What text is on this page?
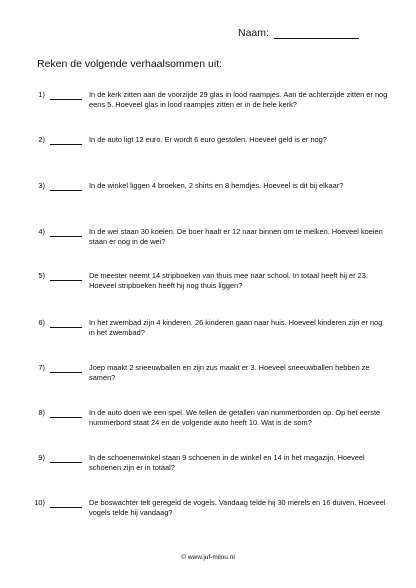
Naam:
Reken de volgende verhaalsommen uit:
1)	In de kerk zitten aan de voorzijde 29 glas in lood raampjes. Aan de achterzijde zitten er nog eens 5. Hoeveel glas in lood raampjes zitten er in de hele kerk?
2)	In de auto ligt 12 euro. Er wordt 6 euro gestolen. Hoeveel geld is er nog?
3)	In de winkel liggen 4 broeken, 2 shirts en 8 hemdjes. Hoeveel is dit bij elkaar?
4)	In de wei staan 30 koeien. De boer haalt er 12 naar binnen om te melken. Hoeveel koeien staan er nog in de wei?
5)	De meester neemt 14 stripboeken van thuis mee naar school. In totaal heeft hij er 23. Hoeveel stripboeken heeft hij nog thuis liggen?
6)	In het zwembad zijn 4 kinderen. 26 kinderen gaan naar huis. Hoeveel kinderen zijn er nog in het zwembad?
7)	Joep maakt 2 sneeuwballen en zijn zus maakt er 3. Hoeveel sneeuwballen hebben ze samen?
8)	In de auto doen we een spel. We tellen de getallen van nummerborden op. Op het eerste nummerbord staat 24 en de volgende auto heeft 10. Wat is de som?
9)	In de schoenenwinkel staan 9 schoenen in de winkel en 14 in het magazijn. Hoeveel schoenen zijn er in totaal?
10)	De boswachter telt geregeld de vogels. Vandaag telde hij 30 merels en 16 duiven. Hoeveel vogels telde hij vandaag?
© www.juf-milou.nl
